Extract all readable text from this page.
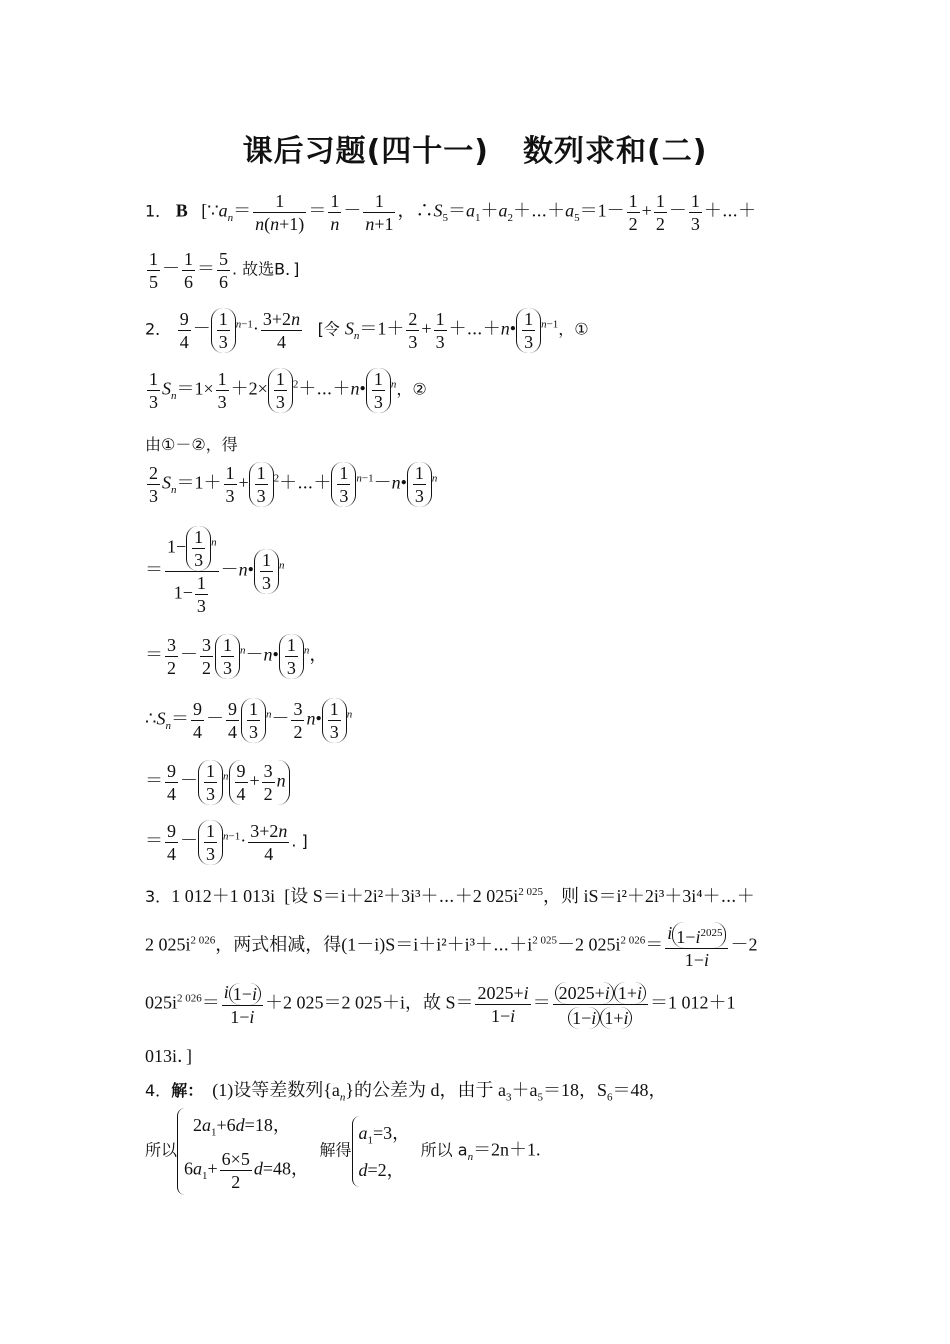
课后习题(四十一) 数列求和(二)
1． B   [$\because a_n= \frac{1}{n(n+1)} = \frac{1}{n} - \frac{1}{n+1}$ ，$\therefore S_5=a_1+a_2+\cdots+a_5=1- \frac{1}{2} + \frac{1}{2} - \frac{1}{3}$ ＋⋯＋
$\frac{1}{5} - \frac{1}{6} = \frac{5}{6}$ . 故选B．]
2． $\frac{9}{4} - \frac{1}{3} ^{n-1}\cdot \frac{3+2n}{4}$ [令 $S_n=1+ \frac{2}{3} + \frac{1}{3}$ ＋⋯＋n• $\frac{1}{3} ^{n-1}$，①
$\frac{1}{3} S_n=1\times \frac{1}{3} +2\times \frac{1}{3}$ $^2$＋⋯＋n• $\frac{1}{3} ^n$，②
由①－②，得
$\frac{2}{3} S_n=1+ \frac{1}{3} + \frac{1}{3}$ $^2$＋⋯＋ $\frac{1}{3}$ $^{n-1}$－n• $\frac{1}{3} ^n$
＝ $\frac{1- \frac{1}{3} ^n}{1- \frac{1}{3}}$ －n• $\frac{1}{3} ^n$
＝ $\frac{3}{2} - \frac{3}{2} \frac{1}{3}$ $^n$－n• $\frac{1}{3} ^n$，
$\therefore S_n= \frac{9}{4} - \frac{9}{4} \frac{1}{3} ^n- \frac{3}{2}$ n• $\frac{1}{3} ^n$
＝ $\frac{9}{4} - \frac{1}{3} ^n \frac{9}{4} + \frac{3}{2}$ n
＝ $\frac{9}{4} - \frac{1}{3} ^{n-1}\cdot \frac{3+2n}{4}$ . ]
3．1 012＋1 013i [设 S＝i＋2i²＋3i³＋⋯＋2 $025i^{2 025}$，则 iS＝i²＋2i³＋3i⁴＋⋯＋
2 $025i^{2 026}$，两式相减，得$(1-i)S=i+i^2+i^3+\cdots+i^{2 025}-2$ $025i^{2 026}= \frac{i 1-i^{2025}}{1-i} -2$
$025i^{2 026}= \frac{i 1-i}{1-i} +2$ 025＝2 025＋i，故 $S= \frac{2025+i}{1-i} = \frac{2025+i 1+i}{1-i 1+i} =1$ 012＋1
013i．]
4．解： (1)设等差数列$\{a_n\}$的公差为 d，由于 $a_3+a_5=18$，$S_6=48$，
所以
$2a_1+6d=18$，
$6a_1+ \frac{6\times 5}{2} d=48$，
解得
$a_1=3$，
d=2，
所以 $a_n=2n+1$.
